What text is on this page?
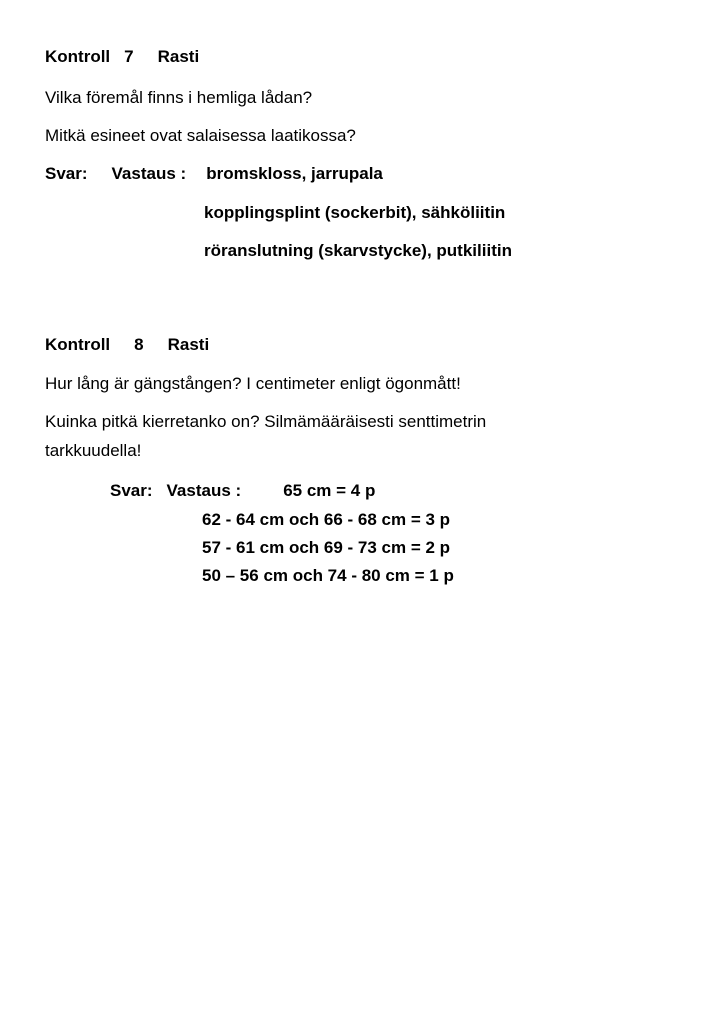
Kontroll 7 Rasti
Vilka föremål finns i hemliga lådan?
Mitkä esineet ovat salaisessa laatikossa?
Svar: Vastaus : bromskloss, jarrupala
kopplingsplint (sockerbit), sähköliitin
röranslutning (skarvstycke), putkiliitin
Kontroll 8 Rasti
Hur lång är gängstången? I centimeter enligt ögonmått!
Kuinka pitkä kierretanko on? Silmämääräisesti senttimetrin
tarkkuudella!
Svar: Vastaus : 65 cm = 4 p
62 - 64 cm och 66 - 68 cm = 3 p
57 - 61 cm och 69 - 73 cm = 2 p
50 – 56 cm och 74 - 80 cm = 1 p
